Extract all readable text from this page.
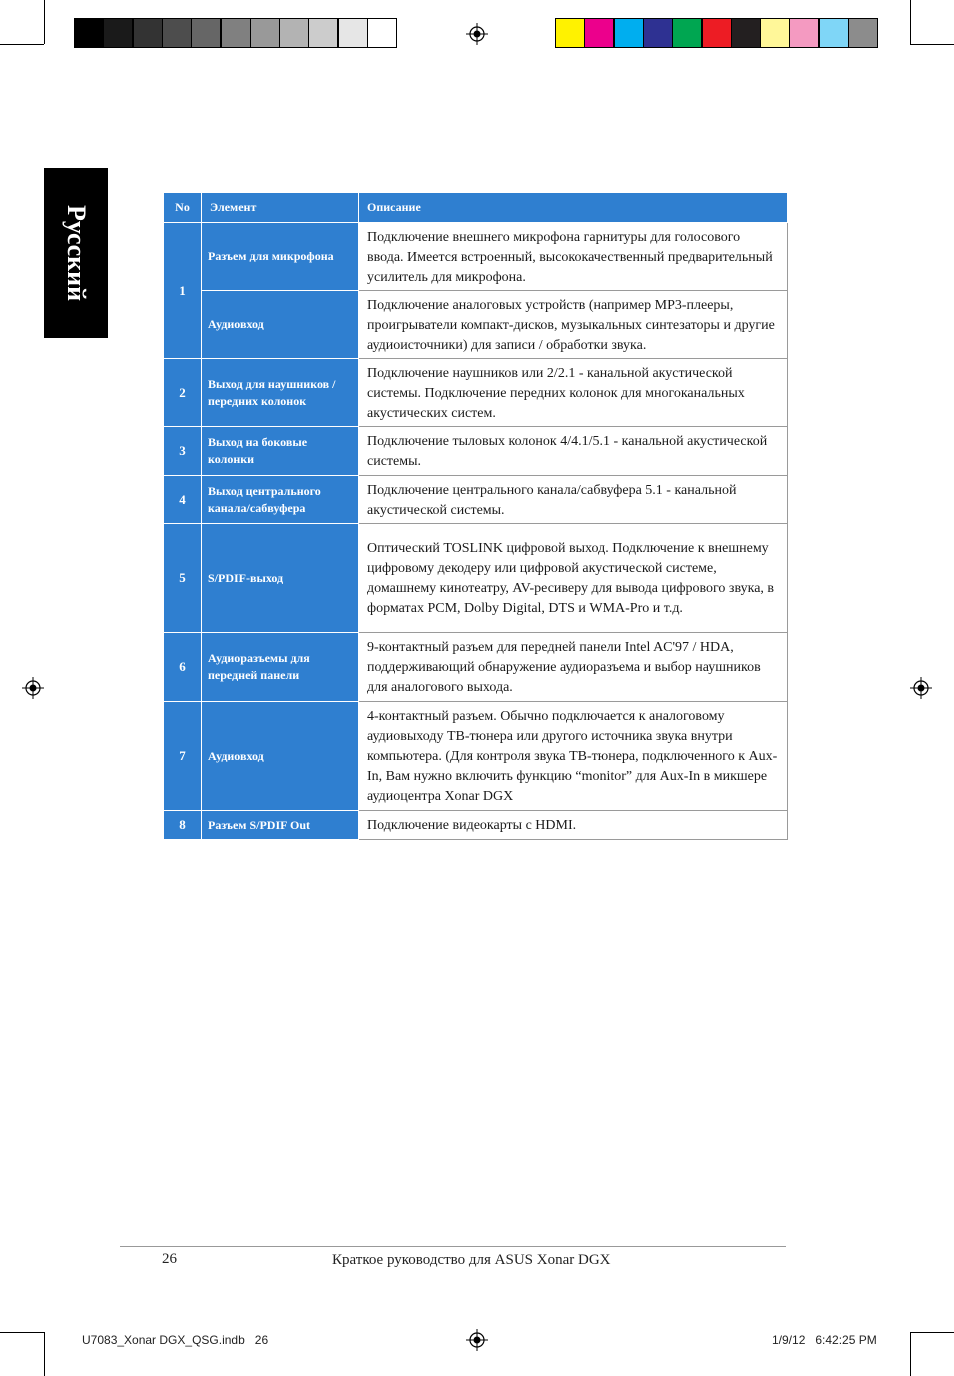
Русский	No	Элемент	Описание
1	Разъем для микрофона	Подключение внешнего микрофона гарнитуры для голосового ввода. Имеется встроенный, высококачественный предварительный усилитель для микрофона.
	Аудиовход	Подключение аналоговых устройств (например MP3-плееры, проигрыватели компакт-дисков, музыкальных синтезаторы и другие аудиоисточники) для записи / обработки звука.
2	Выход для наушников / передних колонок	Подключение наушников или 2/2.1 - канальной акустической системы. Подключение передних колонок для многоканальных акустических систем.
3	Выход на боковые колонки	Подключение тыловых колонок 4/4.1/5.1 - канальной акустической системы.
4	Выход центрального канала/сабвуфера	Подключение центрального канала/сабвуфера 5.1 - канальной акустической системы.
5	S/PDIF-выход	Оптический TOSLINK цифровой выход. Подключение к внешнему цифровому декодеру или цифровой акустической системе, домашнему кинотеатру, AV-ресиверу для вывода цифрового звука, в форматах PCM, Dolby Digital, DTS и WMA-Pro и т.д.
6	Аудиоразъемы для передней панели	9-контактный разъем для передней панели Intel AC'97 / HDA, поддерживающий обнаружение аудиоразъема и выбор наушников для аналогового выхода.
7	Аудиовход	4-контактный разъем. Обычно подключается к аналоговому аудиовыходу ТВ-тюнера или другого источника звука внутри компьютера. (Для контроля звука ТВ-тюнера, подключенного к Aux-In, Вам нужно включить функцию “monitor” для Aux-In в микшере аудиоцентра Xonar DGX
8	Разъем S/PDIF Out	Подключение видеокарты с HDMI.
26	Краткое руководство для ASUS Xonar DGX
U7083_Xonar DGX_QSG.indb   26	1/9/12   6:42:25 PM
